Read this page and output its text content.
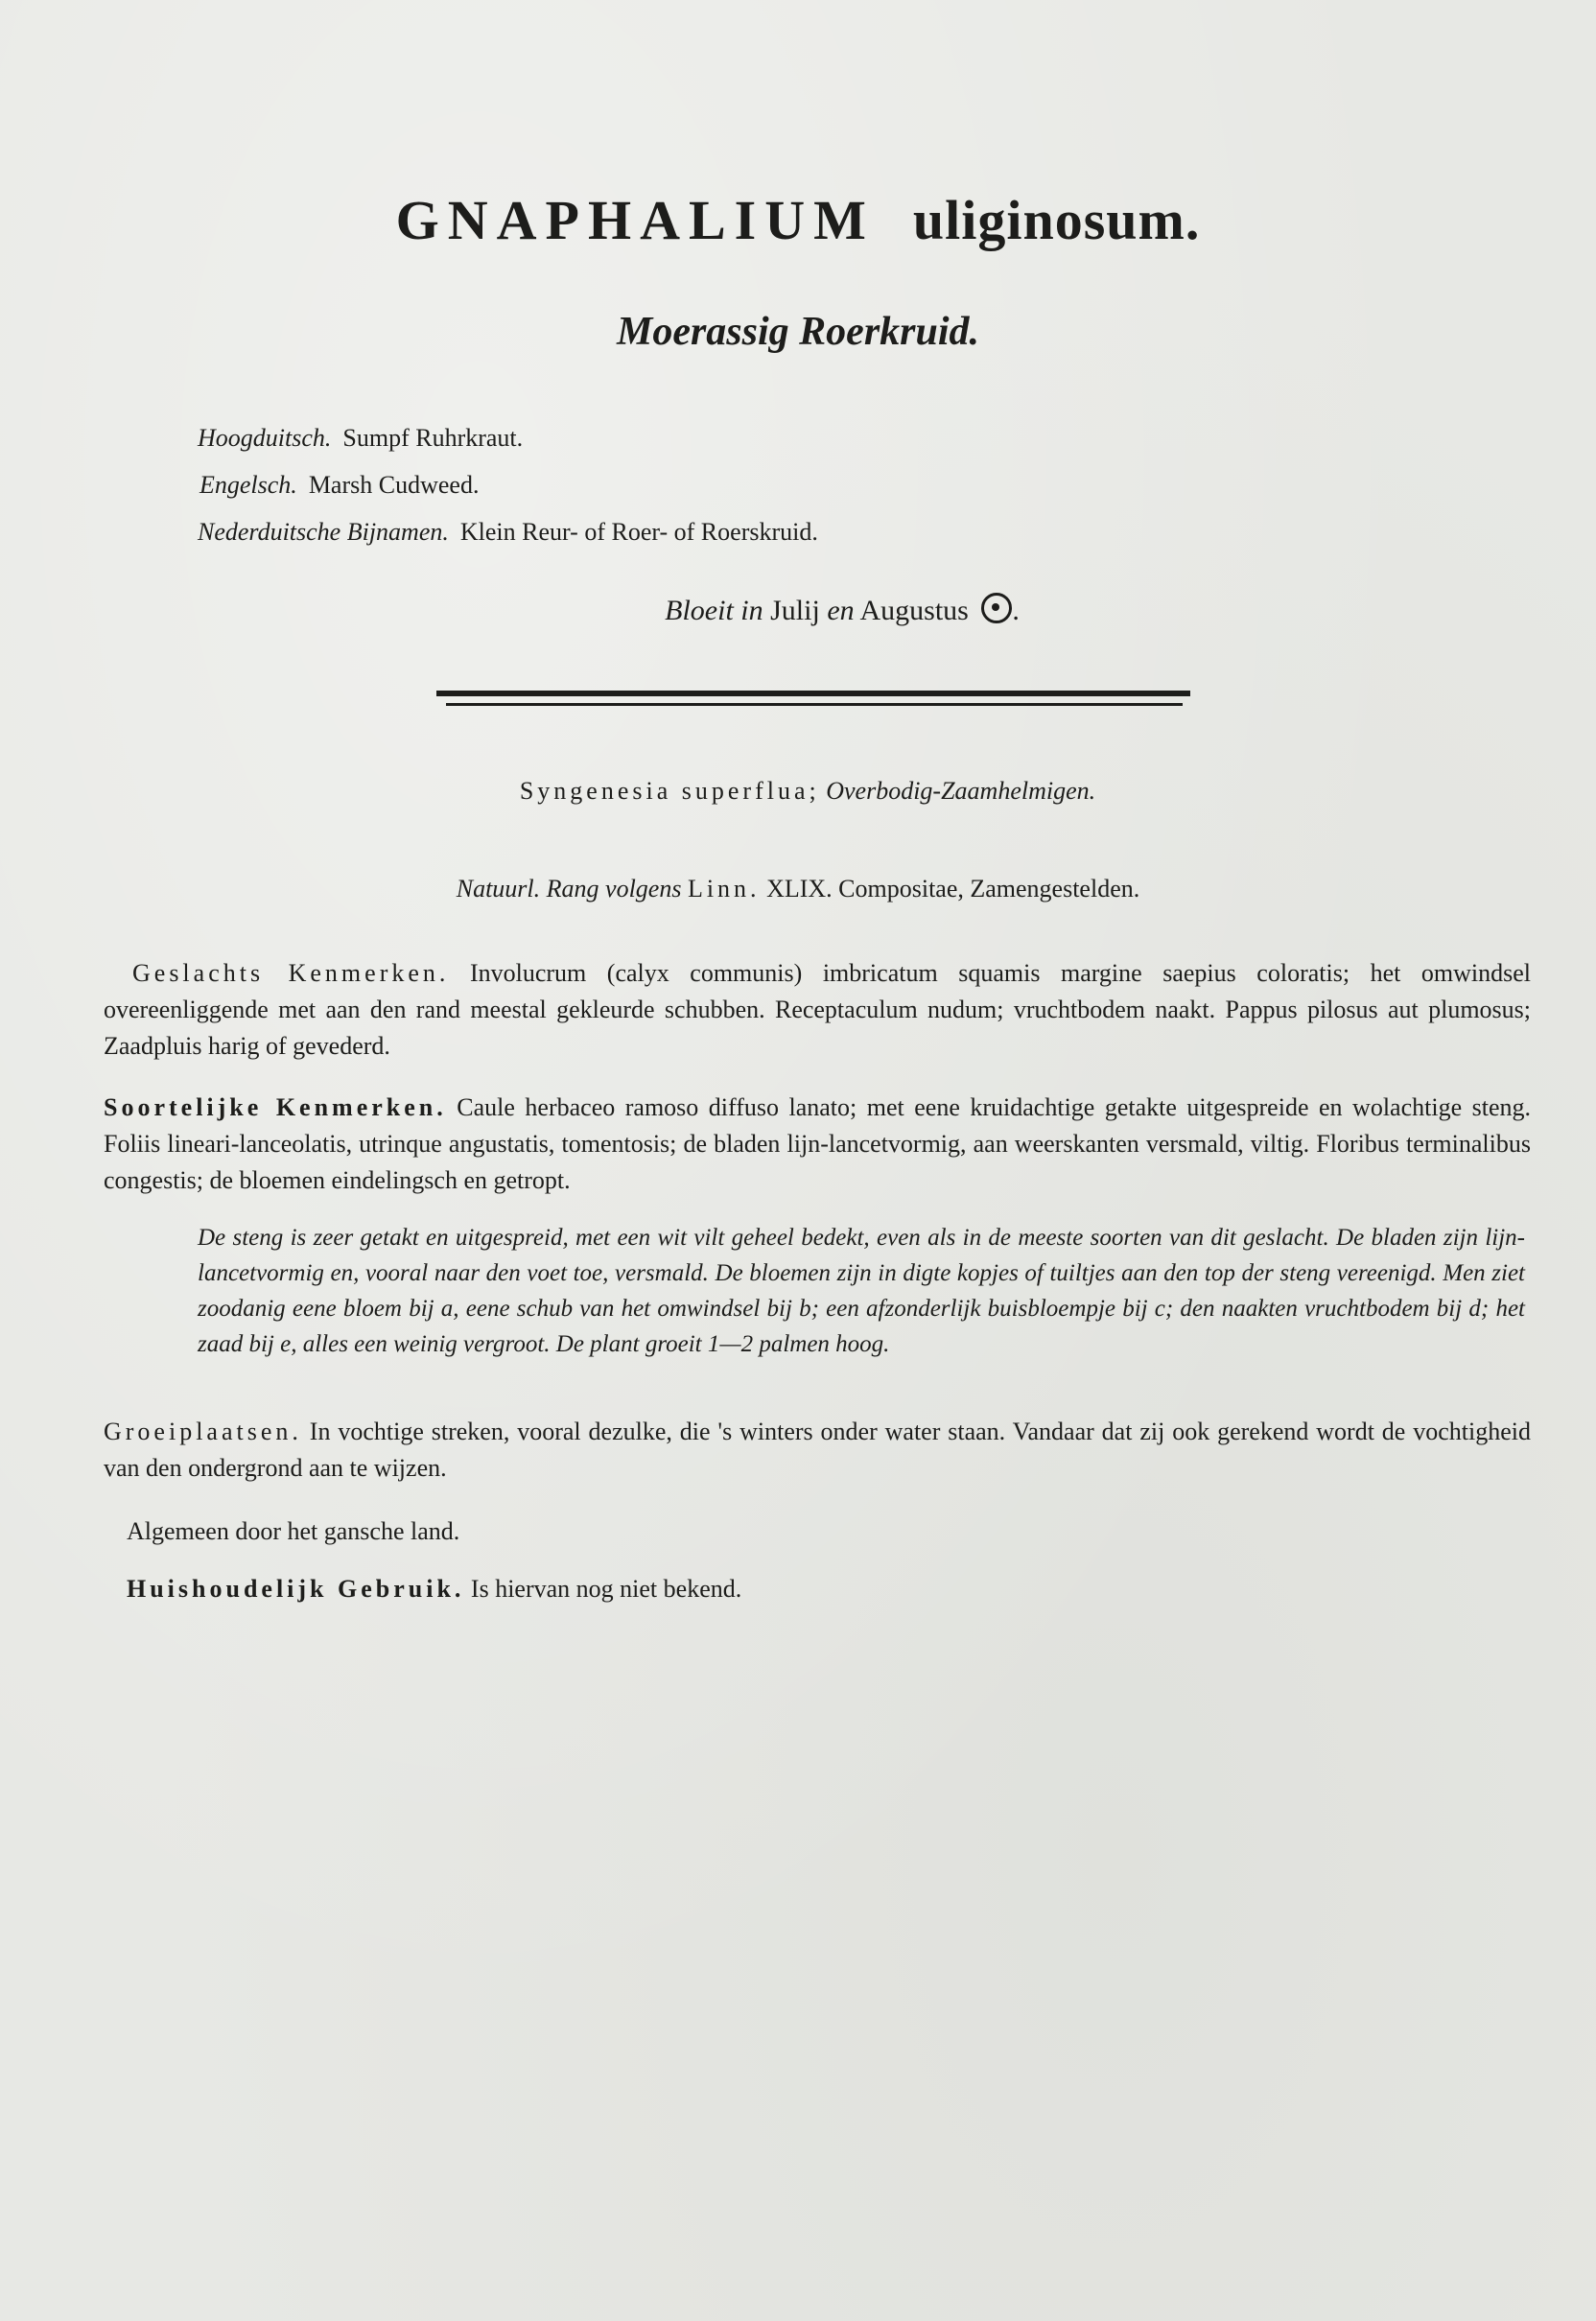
GNAPHALIUM uliginosum.
Moerassig Roerkruid.
Hoogduitsch. Sumpf Ruhrkraut.
Engelsch. Marsh Cudweed.
Nederduitsche Bijnamen. Klein Reur- of Roer- of Roerskruid.
Bloeit in Julij en Augustus .
Syngenesia superflua; Overbodig-Zaamhelmigen.
Natuurl. Rang volgens Linn. XLIX. Compositae, Zamengestelden.
Geslachts Kenmerken. Involucrum (calyx communis) imbricatum squamis margine saepius coloratis; het omwindsel overeenliggende met aan den rand meestal gekleurde schubben. Receptaculum nudum; vruchtbodem naakt. Pappus pilosus aut plumosus; Zaadpluis harig of gevederd.
Soortelijke Kenmerken. Caule herbaceo ramoso diffuso lanato; met eene kruidachtige getakte uitgespreide en wolachtige steng. Foliis lineari-lanceolatis, utrinque angustatis, tomentosis; de bladen lijn-lancetvormig, aan weerskanten versmald, viltig. Floribus terminalibus congestis; de bloemen eindelingsch en getropt.
De steng is zeer getakt en uitgespreid, met een wit vilt geheel bedekt, even als in de meeste soorten van dit geslacht. De bladen zijn lijn-lancetvormig en, vooral naar den voet toe, versmald. De bloemen zijn in digte kopjes of tuiltjes aan den top der steng vereenigd. Men ziet zoodanig eene bloem bij a, eene schub van het omwindsel bij b; een afzonderlijk buisbloempje bij c; den naakten vruchtbodem bij d; het zaad bij e, alles een weinig vergroot. De plant groeit 1—2 palmen hoog.
Groeiplaatsen. In vochtige streken, vooral dezulke, die 's winters onder water staan. Vandaar dat zij ook gerekend wordt de vochtigheid van den ondergrond aan te wijzen.
Algemeen door het gansche land.
Huishoudelijk Gebruik. Is hiervan nog niet bekend.
